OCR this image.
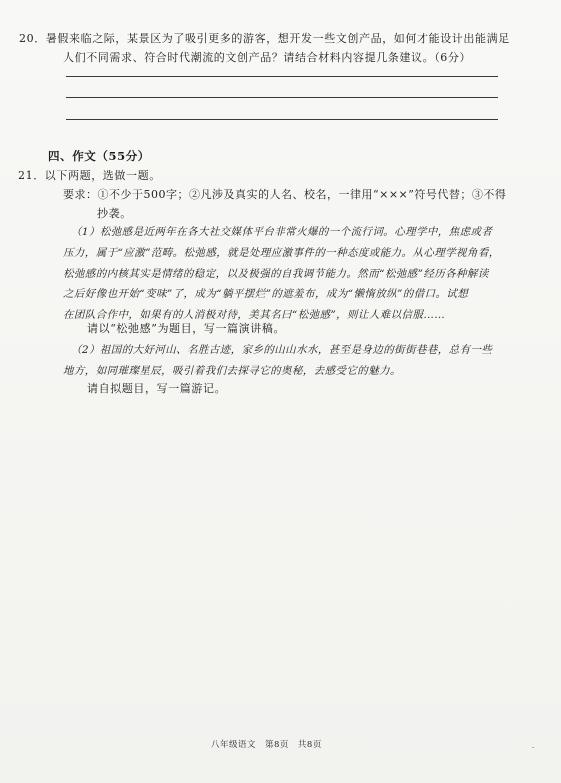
20．暑假来临之际，某景区为了吸引更多的游客，想开发一些文创产品，如何才能设计出能满足
人们不同需求、符合时代潮流的文创产品？请结合材料内容提几条建议。（6分）
四、作文（55分）
21．以下两题，选做一题。
要求：①不少于500字；②凡涉及真实的人名、校名，一律用“×××”符号代替；③不得
抄袭。
（1）松弛感是近两年在各大社交媒体平台非常火爆的一个流行词。心理学中，焦虑或者
压力，属于“应激”范畴。松弛感，就是处理应激事件的一种态度或能力。从心理学视角看，
松弛感的内核其实是情绪的稳定，以及极强的自我调节能力。然而“松弛感”经历各种解读
之后好像也开始“变味”了，成为“躺平摆烂”的遮羞布，成为“懒惰放纵”的借口。试想
在团队合作中，如果有的人消极对待，美其名曰“松弛感”，则让人难以信服……
请以“松弛感”为题目，写一篇演讲稿。
（2）祖国的大好河山、名胜古迹，家乡的山山水水，甚至是身边的街街巷巷，总有一些
地方，如同璀璨星辰，吸引着我们去探寻它的奥秘，去感受它的魅力。
请自拟题目，写一篇游记。
八年级语文　第8页　共8页	.
